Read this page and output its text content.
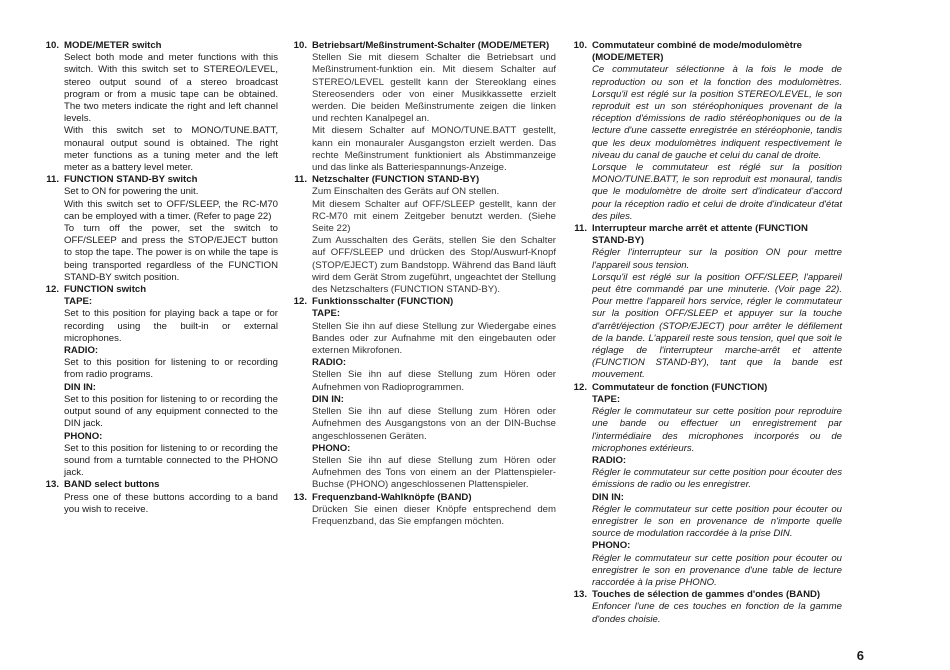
10. MODE/METER switch

Select both mode and meter functions with this switch. With this switch set to STEREO/LEVEL, stereo output sound of a stereo broadcast program or from a music tape can be obtained. The two meters indicate the right and left channel levels.

With this switch set to MONO/TUNE.BATT, monaural output sound is obtained. The right meter functions as a tuning meter and the left meter as a battery level meter.

11. FUNCTION STAND-BY switch

Set to ON for powering the unit.

With this switch set to OFF/SLEEP, the RC-M70 can be employed with a timer. (Refer to page 22)

To turn off the power, set the switch to OFF/SLEEP and press the STOP/EJECT button to stop the tape. The power is on while the tape is being transported regardless of the FUNCTION STAND-BY switch position.

12. FUNCTION switch
TAPE:

Set to this position for playing back a tape or for recording using the built-in or external microphones.

RADIO:

Set to this position for listening to or recording from radio programs.

DIN IN:

Set to this position for listening to or recording the output sound of any equipment connected to the DIN jack.

PHONO:

Set to this position for listening to or recording the sound from a turntable connected to the PHONO jack.

13. BAND select buttons

Press one of these buttons according to a band you wish to receive.

10. Betriebsart/Meßinstrument-Schalter (MODE/METER)

Stellen Sie mit diesem Schalter die Betriebsart und Meßinstrument-funktion ein. Mit diesem Schalter auf STEREO/LEVEL gestellt kann der Stereoklang eines Stereosenders oder von einer Musikkassette erzielt werden. Die beiden Meßinstrumente zeigen die linken und rechten Kanalpegel an.

Mit diesem Schalter auf MONO/TUNE.BATT gestellt, kann ein monauraler Ausgangston erzielt werden. Das rechte Meßinstrument funktioniert als Abstimmanzeige und das linke als Batteriespannungs-Anzeige.

11. Netzschalter (FUNCTION STAND-BY)

Zum Einschalten des Geräts auf ON stellen.

Mit diesem Schalter auf OFF/SLEEP gestellt, kann der RC-M70 mit einem Zeitgeber benutzt werden. (Siehe Seite 22)

Zum Ausschalten des Geräts, stellen Sie den Schalter auf OFF/SLEEP und drücken des Stop/Auswurf-Knopf (STOP/EJECT) zum Bandstopp. Während das Band läuft wird dem Gerät Strom zugeführt, ungeachtet der Stellung des Netzschalters (FUNCTION STAND-BY).

12. Funktionsschalter (FUNCTION)
TAPE:

Stellen Sie ihn auf diese Stellung zur Wiedergabe eines Bandes oder zur Aufnahme mit den eingebauten oder externen Mikrofonen.

RADIO:

Stellen Sie ihn auf diese Stellung zum Hören oder Aufnehmen von Radioprogrammen.

DIN IN:

Stellen Sie ihn auf diese Stellung zum Hören oder Aufnehmen des Ausgangstons von an der DIN-Buchse angeschlossenen Geräten.

PHONO:

Stellen Sie ihn auf diese Stellung zum Hören oder Aufnehmen des Tons von einem an der Plattenspieler-Buchse (PHONO) angeschlossenen Plattenspieler.

13. Frequenzband-Wahlknöpfe (BAND)

Drücken Sie einen dieser Knöpfe entsprechend dem Frequenzband, das Sie empfangen möchten.

10. Commutateur combiné de mode/modulomètre (MODE/METER)

Ce commutateur sélectionne à la fois le mode de reproduction ou son et la fonction des modulomètres. Lorsqu'il est réglé sur la position STEREO/LEVEL, le son reproduit est un son stéréophoniques provenant de la réception d'émissions de radio stéréophoniques ou de la lecture d'une cassette enregistrée en stéréophonie, tandis que les deux modulomètres indiquent respectivement le niveau du canal de gauche et celui du canal de droite.

Lorsque le commutateur est réglé sur la position MONO/TUNE.BATT, le son reproduit est monaural, tandis que le modulomètre de droite sert d'indicateur d'accord pour la réception radio et celui de droite d'indicateur d'état des piles.

11. Interrupteur marche arrêt et attente (FUNCTION STAND-BY)

Régler l'interrupteur sur la position ON pour mettre l'appareil sous tension.

Lorsqu'il est réglé sur la position OFF/SLEEP, l'appareil peut être commandé par une minuterie. (Voir page 22). Pour mettre l'appareil hors service, régler le commutateur sur la position OFF/SLEEP et appuyer sur la touche d'arrêt/éjection (STOP/EJECT) pour arrêter le défilement de la bande. L'appareil reste sous tension, quel que soit le réglage de l'interrupteur marche-arrêt et attente (FUNCTION STAND-BY), tant que la bande est mouvement.

12. Commutateur de fonction (FUNCTION)
TAPE:

Régler le commutateur sur cette position pour reproduire une bande ou effectuer un enregistrement par l'intermédiaire des microphones incorporés ou de microphones extérieurs.

RADIO:

Régler le commutateur sur cette position pour écouter des émissions de radio ou les enregistrer.

DIN IN:

Régler le commutateur sur cette position pour écouter ou enregistrer le son en provenance de n'importe quelle source de modulation raccordée à la prise DIN.

PHONO:

Régler le commutateur sur cette position pour écouter ou enregistrer le son en provenance d'une table de lecture raccordée à la prise PHONO.

13. Touches de sélection de gammes d'ondes (BAND)

Enfoncer l'une de ces touches en fonction de la gamme d'ondes choisie.

6
